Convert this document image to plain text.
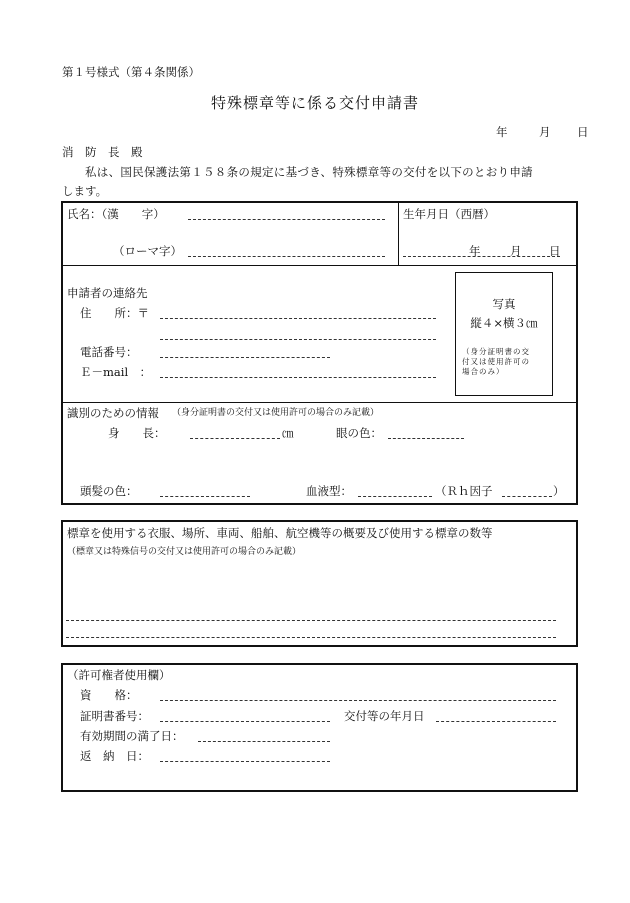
第１号様式（第４条関係）
特殊標章等に係る交付申請書
年	月 日
消　防　長　殿
私は、国民保護法第１５８条の規定に基づき、特殊標章等の交付を以下のとおり申請
します。
氏名：（漢　　字）
（ローマ字）
生年月日（西暦）
年	月 日
申請者の連絡先
住　　所：〒
電話番号：
Ｅ－mail　：
写真
縦４×横３㎝
（身分証明書の交
付又は使用許可の
場合のみ）
識別のための情報 （身分証明書の交付又は使用許可の場合のみ記載）
身　　長：	㎝	眼の色：
頭髪の色：	血液型：	（Ｒｈ因子	）
標章を使用する衣服、場所、車両、船舶、航空機等の概要及び使用する標章の数等
（標章又は特殊信号の交付又は使用許可の場合のみ記載）
（許可権者使用欄）
資　　格：
証明書番号：	交付等の年月日
有効期間の満了日：
返　納　日：
